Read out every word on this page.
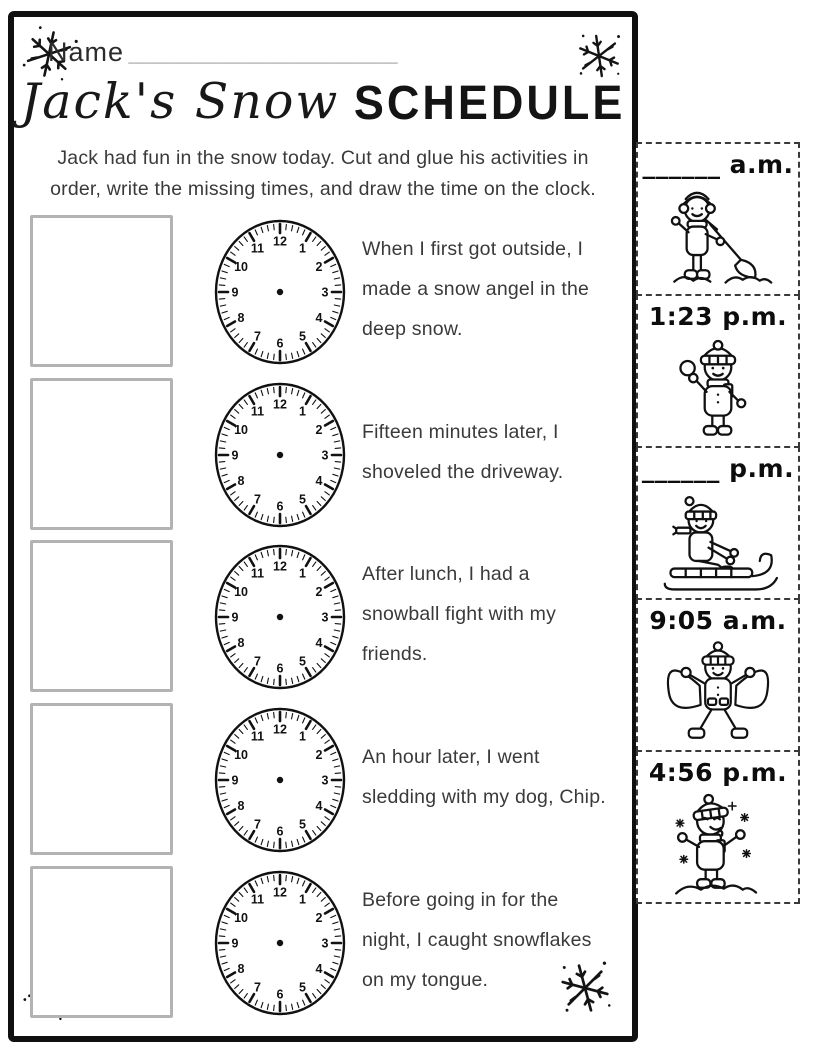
Name ______________________
Jack's Snow SCHEDULE
Jack had fun in the snow today. Cut and glue his activities in
order, write the missing times, and draw the time on the clock.
When I first got outside, I
made a snow angel in the
deep snow.
Fifteen minutes later, I
shoveled the driveway.
After lunch, I had a
snowball fight with my
friends.
An hour later, I went
sledding with my dog, Chip.
Before going in for the
night, I caught snowflakes
on my tongue.
______ a.m.
1:23 p.m.
______ p.m.
9:05 a.m.
4:56 p.m.
